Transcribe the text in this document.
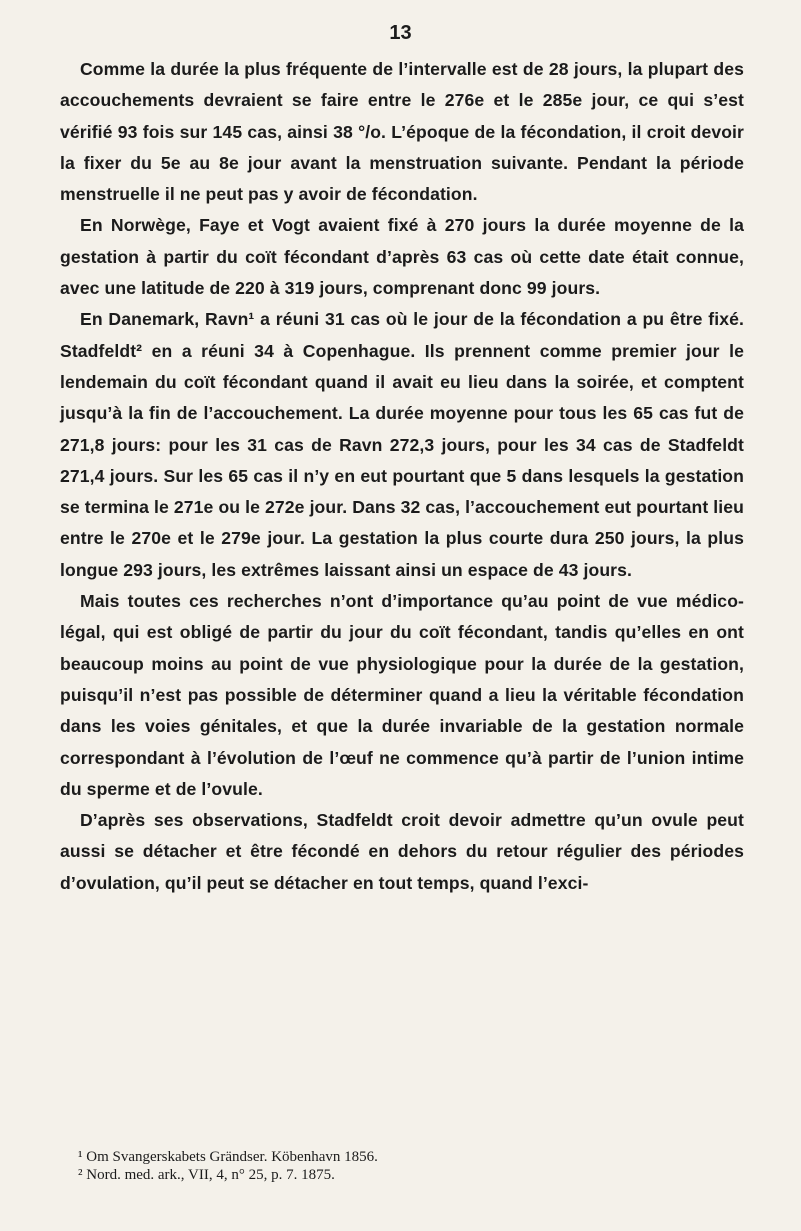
13

Comme la durée la plus fréquente de l’intervalle est de 28 jours, la plupart des accouchements devraient se faire entre le 276e et le 285e jour, ce qui s’est vérifié 93 fois sur 145 cas, ainsi 38 °/o. L’époque de la fécondation, il croit devoir la fixer du 5e au 8e jour avant la menstruation suivante. Pendant la période menstruelle il ne peut pas y avoir de fécondation.

En Norwège, Faye et Vogt avaient fixé à 270 jours la durée moyenne de la gestation à partir du coït fécondant d’après 63 cas où cette date était connue, avec une latitude de 220 à 319 jours, comprenant donc 99 jours.

En Danemark, Ravn¹ a réuni 31 cas où le jour de la fécondation a pu être fixé. Stadfeldt² en a réuni 34 à Copenhague. Ils prennent comme premier jour le lendemain du coït fécondant quand il avait eu lieu dans la soirée, et comptent jusqu’à la fin de l’accouchement. La durée moyenne pour tous les 65 cas fut de 271,8 jours: pour les 31 cas de Ravn 272,3 jours, pour les 34 cas de Stadfeldt 271,4 jours. Sur les 65 cas il n’y en eut pourtant que 5 dans lesquels la gestation se termina le 271e ou le 272e jour. Dans 32 cas, l’accouchement eut pourtant lieu entre le 270e et le 279e jour. La gestation la plus courte dura 250 jours, la plus longue 293 jours, les extrêmes laissant ainsi un espace de 43 jours.

Mais toutes ces recherches n’ont d’importance qu’au point de vue médico-légal, qui est obligé de partir du jour du coït fécondant, tandis qu’elles en ont beaucoup moins au point de vue physiologique pour la durée de la gestation, puisqu’il n’est pas possible de déterminer quand a lieu la véritable fécondation dans les voies génitales, et que la durée invariable de la gestation normale correspondant à l’évolution de l’œuf ne commence qu’à partir de l’union intime du sperme et de l’ovule.

D’après ses observations, Stadfeldt croit devoir admettre qu’un ovule peut aussi se détacher et être fécondé en dehors du retour régulier des périodes d’ovulation, qu’il peut se détacher en tout temps, quand l’exci-

¹ Om Svangerskabets Grändser. Köbenhavn 1856.

² Nord. med. ark., VII, 4, n° 25, p. 7. 1875.
